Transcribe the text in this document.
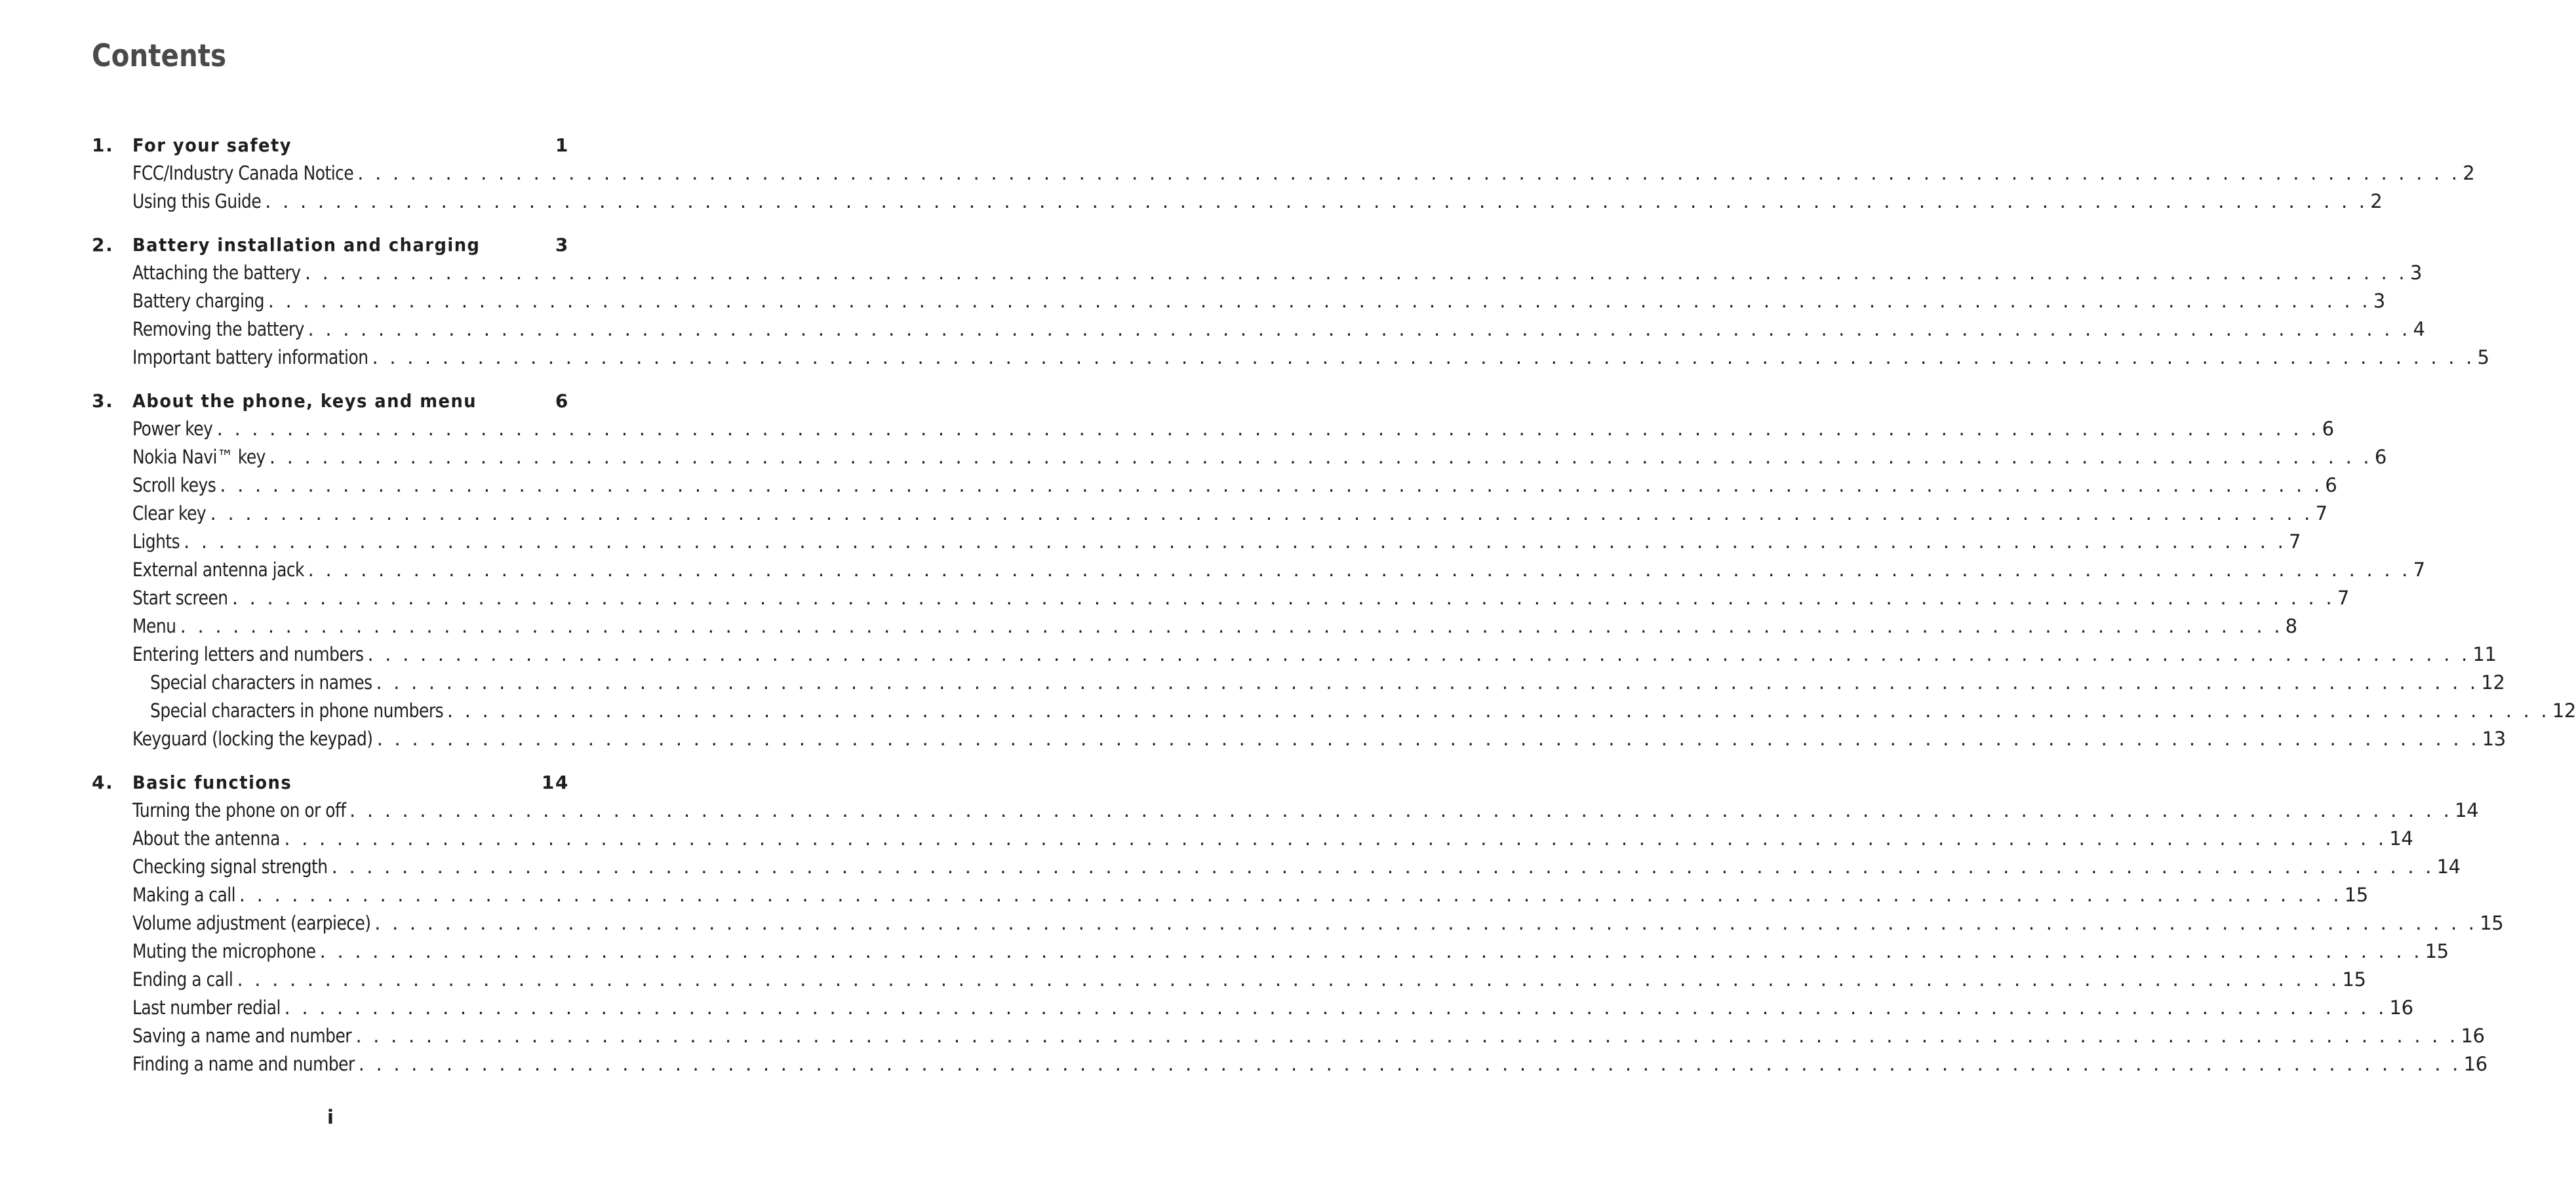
Contents
1.	For your safety	1
FCC/Industry Canada Notice . . . . . . . . . . . . . . . . . . . . . . . . . . . . . . . . . . . . . . . . . . . . . . . . . . . . . . . . . . . . . . . . . . . . . . . . . . . . . . . . . . . . . . . . . . . . . . . . . . . . . . . . . . . . . . . . . . . . . . . . 2
Using this Guide . . . . . . . . . . . . . . . . . . . . . . . . . . . . . . . . . . . . . . . . . . . . . . . . . . . . . . . . . . . . . . . . . . . . . . . . . . . . . . . . . . . . . . . . . . . . . . . . . . . . . . . . . . . . . . . . . . . . . . . . 2
2.	Battery installation and charging	3
Attaching the battery . . . . . . . . . . . . . . . . . . . . . . . . . . . . . . . . . . . . . . . . . . . . . . . . . . . . . . . . . . . . . . . . . . . . . . . . . . . . . . . . . . . . . . . . . . . . . . . . . . . . . . . . . . . . . . . . . . . . . . . . 3
Battery charging . . . . . . . . . . . . . . . . . . . . . . . . . . . . . . . . . . . . . . . . . . . . . . . . . . . . . . . . . . . . . . . . . . . . . . . . . . . . . . . . . . . . . . . . . . . . . . . . . . . . . . . . . . . . . . . . . . . . . . . . 3
Removing the battery . . . . . . . . . . . . . . . . . . . . . . . . . . . . . . . . . . . . . . . . . . . . . . . . . . . . . . . . . . . . . . . . . . . . . . . . . . . . . . . . . . . . . . . . . . . . . . . . . . . . . . . . . . . . . . . . . . . . . . . . 4
Important battery information . . . . . . . . . . . . . . . . . . . . . . . . . . . . . . . . . . . . . . . . . . . . . . . . . . . . . . . . . . . . . . . . . . . . . . . . . . . . . . . . . . . . . . . . . . . . . . . . . . . . . . . . . . . . . . . . . . . . . . . . 5
3.	About the phone, keys and menu	6
Power key . . . . . . . . . . . . . . . . . . . . . . . . . . . . . . . . . . . . . . . . . . . . . . . . . . . . . . . . . . . . . . . . . . . . . . . . . . . . . . . . . . . . . . . . . . . . . . . . . . . . . . . . . . . . . . . . . . . . . . . . 6
Nokia Navi™ key . . . . . . . . . . . . . . . . . . . . . . . . . . . . . . . . . . . . . . . . . . . . . . . . . . . . . . . . . . . . . . . . . . . . . . . . . . . . . . . . . . . . . . . . . . . . . . . . . . . . . . . . . . . . . . . . . . . . . . . . 6
Scroll keys . . . . . . . . . . . . . . . . . . . . . . . . . . . . . . . . . . . . . . . . . . . . . . . . . . . . . . . . . . . . . . . . . . . . . . . . . . . . . . . . . . . . . . . . . . . . . . . . . . . . . . . . . . . . . . . . . . . . . . . . 6
Clear key . . . . . . . . . . . . . . . . . . . . . . . . . . . . . . . . . . . . . . . . . . . . . . . . . . . . . . . . . . . . . . . . . . . . . . . . . . . . . . . . . . . . . . . . . . . . . . . . . . . . . . . . . . . . . . . . . . . . . . . . 7
Lights . . . . . . . . . . . . . . . . . . . . . . . . . . . . . . . . . . . . . . . . . . . . . . . . . . . . . . . . . . . . . . . . . . . . . . . . . . . . . . . . . . . . . . . . . . . . . . . . . . . . . . . . . . . . . . . . . . . . . . . . 7
External antenna jack . . . . . . . . . . . . . . . . . . . . . . . . . . . . . . . . . . . . . . . . . . . . . . . . . . . . . . . . . . . . . . . . . . . . . . . . . . . . . . . . . . . . . . . . . . . . . . . . . . . . . . . . . . . . . . . . . . . . . . . . 7
Start screen . . . . . . . . . . . . . . . . . . . . . . . . . . . . . . . . . . . . . . . . . . . . . . . . . . . . . . . . . . . . . . . . . . . . . . . . . . . . . . . . . . . . . . . . . . . . . . . . . . . . . . . . . . . . . . . . . . . . . . . . 7
Menu . . . . . . . . . . . . . . . . . . . . . . . . . . . . . . . . . . . . . . . . . . . . . . . . . . . . . . . . . . . . . . . . . . . . . . . . . . . . . . . . . . . . . . . . . . . . . . . . . . . . . . . . . . . . . . . . . . . . . . . . 8
Entering letters and numbers . . . . . . . . . . . . . . . . . . . . . . . . . . . . . . . . . . . . . . . . . . . . . . . . . . . . . . . . . . . . . . . . . . . . . . . . . . . . . . . . . . . . . . . . . . . . . . . . . . . . . . . . . . . . . . . . . . . . . . . . 11
Special characters in names . . . . . . . . . . . . . . . . . . . . . . . . . . . . . . . . . . . . . . . . . . . . . . . . . . . . . . . . . . . . . . . . . . . . . . . . . . . . . . . . . . . . . . . . . . . . . . . . . . . . . . . . . . . . . . . . . . . . . . . . 12
Special characters in phone numbers . . . . . . . . . . . . . . . . . . . . . . . . . . . . . . . . . . . . . . . . . . . . . . . . . . . . . . . . . . . . . . . . . . . . . . . . . . . . . . . . . . . . . . . . . . . . . . . . . . . . . . . . . . . . . . . . . . . . . . . . 12
Keyguard (locking the keypad) . . . . . . . . . . . . . . . . . . . . . . . . . . . . . . . . . . . . . . . . . . . . . . . . . . . . . . . . . . . . . . . . . . . . . . . . . . . . . . . . . . . . . . . . . . . . . . . . . . . . . . . . . . . . . . . . . . . . . . . . 13
4.	Basic functions	14
Turning the phone on or off . . . . . . . . . . . . . . . . . . . . . . . . . . . . . . . . . . . . . . . . . . . . . . . . . . . . . . . . . . . . . . . . . . . . . . . . . . . . . . . . . . . . . . . . . . . . . . . . . . . . . . . . . . . . . . . . . . . . . . . . 14
About the antenna . . . . . . . . . . . . . . . . . . . . . . . . . . . . . . . . . . . . . . . . . . . . . . . . . . . . . . . . . . . . . . . . . . . . . . . . . . . . . . . . . . . . . . . . . . . . . . . . . . . . . . . . . . . . . . . . . . . . . . . . 14
Checking signal strength . . . . . . . . . . . . . . . . . . . . . . . . . . . . . . . . . . . . . . . . . . . . . . . . . . . . . . . . . . . . . . . . . . . . . . . . . . . . . . . . . . . . . . . . . . . . . . . . . . . . . . . . . . . . . . . . . . . . . . . . 14
Making a call . . . . . . . . . . . . . . . . . . . . . . . . . . . . . . . . . . . . . . . . . . . . . . . . . . . . . . . . . . . . . . . . . . . . . . . . . . . . . . . . . . . . . . . . . . . . . . . . . . . . . . . . . . . . . . . . . . . . . . . . 15
Volume adjustment (earpiece) . . . . . . . . . . . . . . . . . . . . . . . . . . . . . . . . . . . . . . . . . . . . . . . . . . . . . . . . . . . . . . . . . . . . . . . . . . . . . . . . . . . . . . . . . . . . . . . . . . . . . . . . . . . . . . . . . . . . . . . . 15
Muting the microphone . . . . . . . . . . . . . . . . . . . . . . . . . . . . . . . . . . . . . . . . . . . . . . . . . . . . . . . . . . . . . . . . . . . . . . . . . . . . . . . . . . . . . . . . . . . . . . . . . . . . . . . . . . . . . . . . . . . . . . . . 15
Ending a call . . . . . . . . . . . . . . . . . . . . . . . . . . . . . . . . . . . . . . . . . . . . . . . . . . . . . . . . . . . . . . . . . . . . . . . . . . . . . . . . . . . . . . . . . . . . . . . . . . . . . . . . . . . . . . . . . . . . . . . . 15
Last number redial . . . . . . . . . . . . . . . . . . . . . . . . . . . . . . . . . . . . . . . . . . . . . . . . . . . . . . . . . . . . . . . . . . . . . . . . . . . . . . . . . . . . . . . . . . . . . . . . . . . . . . . . . . . . . . . . . . . . . . . . 16
Saving a name and number . . . . . . . . . . . . . . . . . . . . . . . . . . . . . . . . . . . . . . . . . . . . . . . . . . . . . . . . . . . . . . . . . . . . . . . . . . . . . . . . . . . . . . . . . . . . . . . . . . . . . . . . . . . . . . . . . . . . . . . . 16
Finding a name and number . . . . . . . . . . . . . . . . . . . . . . . . . . . . . . . . . . . . . . . . . . . . . . . . . . . . . . . . . . . . . . . . . . . . . . . . . . . . . . . . . . . . . . . . . . . . . . . . . . . . . . . . . . . . . . . . . . . . . . . . 16
i
